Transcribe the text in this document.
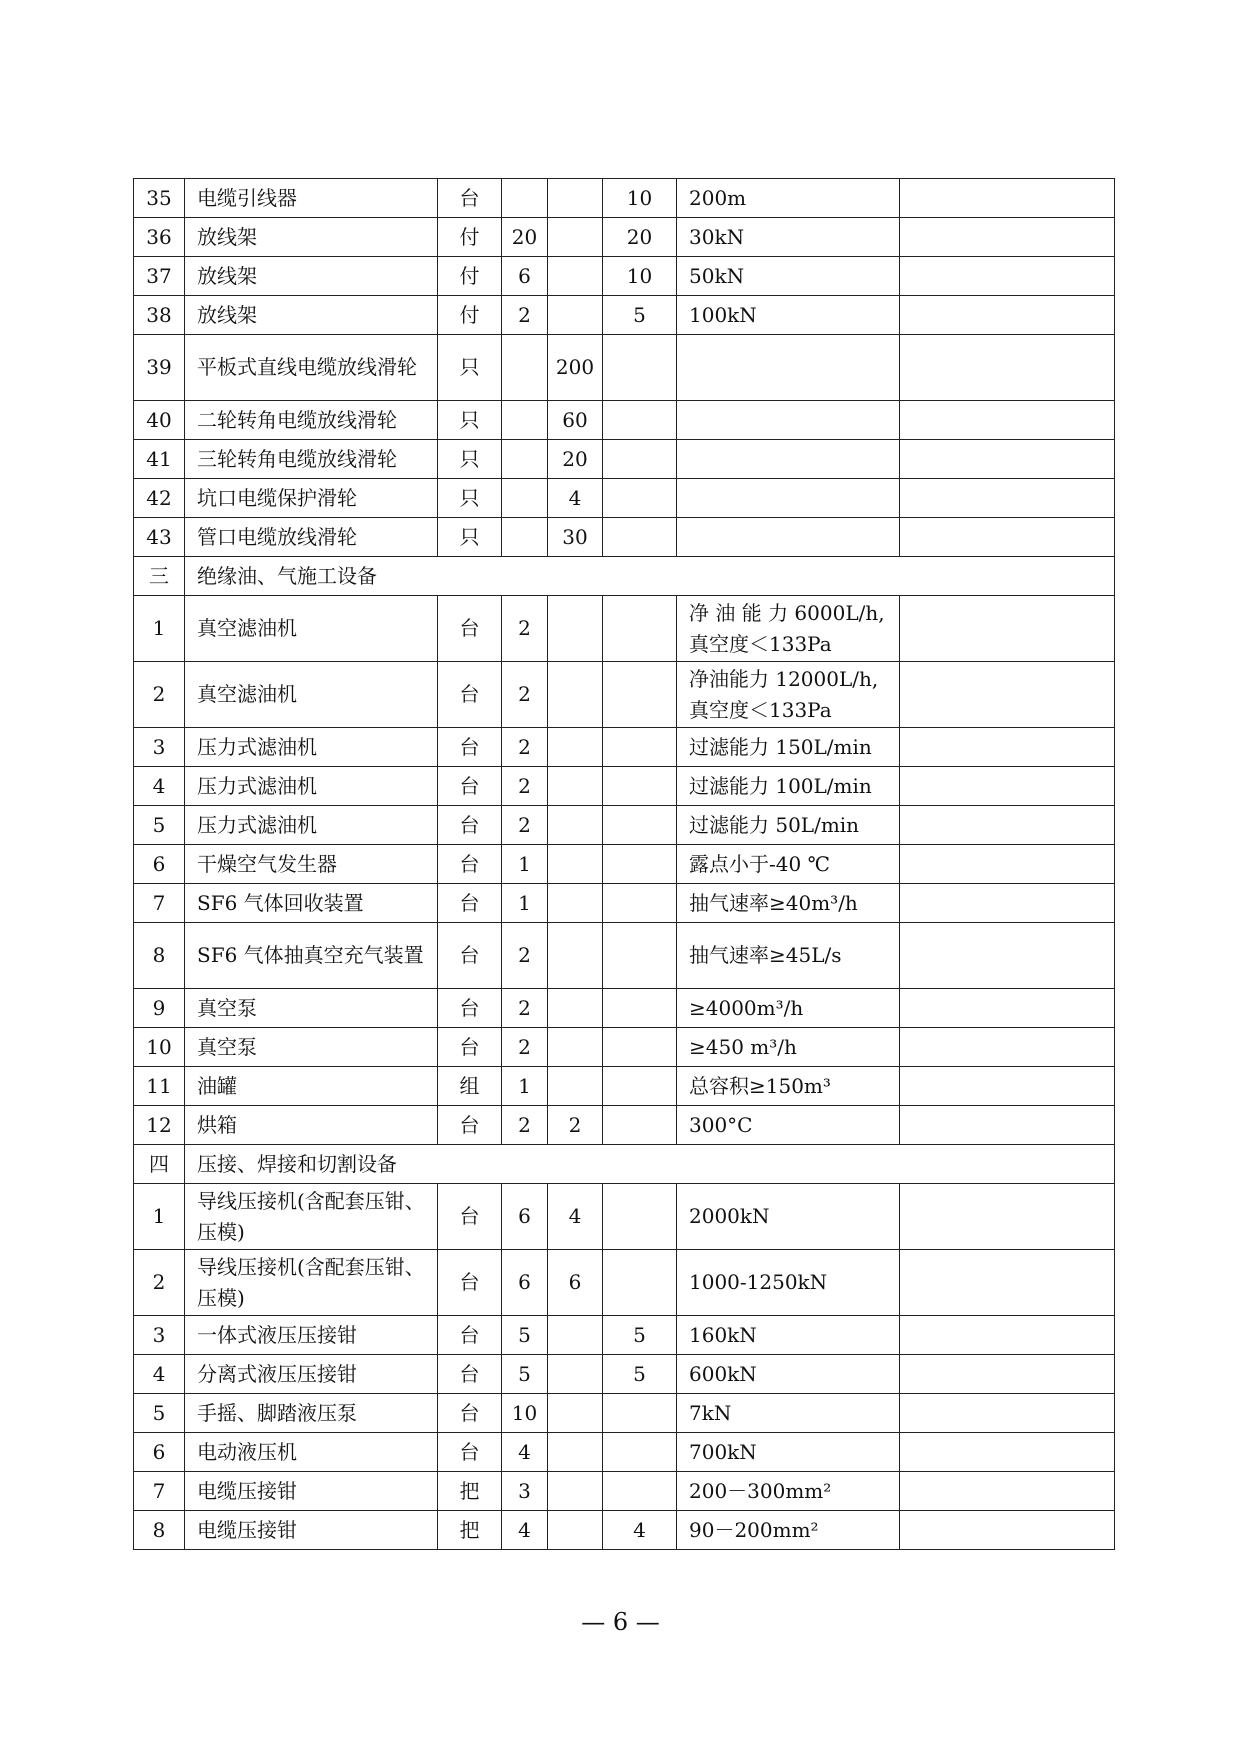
35	电缆引线器	台			10	200m	
36	放线架	付	20		20	30kN	
37	放线架	付	6		10	50kN	
38	放线架	付	2		5	100kN	
39	平板式直线电缆放线滑轮	只		200			
40	二轮转角电缆放线滑轮	只		60			
41	三轮转角电缆放线滑轮	只		20			
42	坑口电缆保护滑轮	只		4			
43	管口电缆放线滑轮	只		30			
三	绝缘油、气施工设备						
1	真空滤油机	台	2			净 油 能 力 6000L/h, 真空度＜133Pa	
2	真空滤油机	台	2			净油能力 12000L/h, 真空度＜133Pa	
3	压力式滤油机	台	2			过滤能力 150L/min	
4	压力式滤油机	台	2			过滤能力 100L/min	
5	压力式滤油机	台	2			过滤能力 50L/min	
6	干燥空气发生器	台	1			露点小于-40 ℃	
7	SF6 气体回收装置	台	1			抽气速率≥40m³/h	
8	SF6 气体抽真空充气装置	台	2			抽气速率≥45L/s	
9	真空泵	台	2			≥4000m³/h	
10	真空泵	台	2			≥450 m³/h	
11	油罐	组	1			总容积≥150m³	
12	烘箱	台	2	2		300°C	
四	压接、焊接和切割设备						
1	导线压接机(含配套压钳、压模)	台	6	4		2000kN	
2	导线压接机(含配套压钳、压模)	台	6	6		1000-1250kN	
3	一体式液压压接钳	台	5		5	160kN	
4	分离式液压压接钳	台	5		5	600kN	
5	手摇、脚踏液压泵	台	10			7kN	
6	电动液压机	台	4			700kN	
7	电缆压接钳	把	3			200－300mm²	
8	电缆压接钳	把	4		4	90－200mm²	
— 6 —
